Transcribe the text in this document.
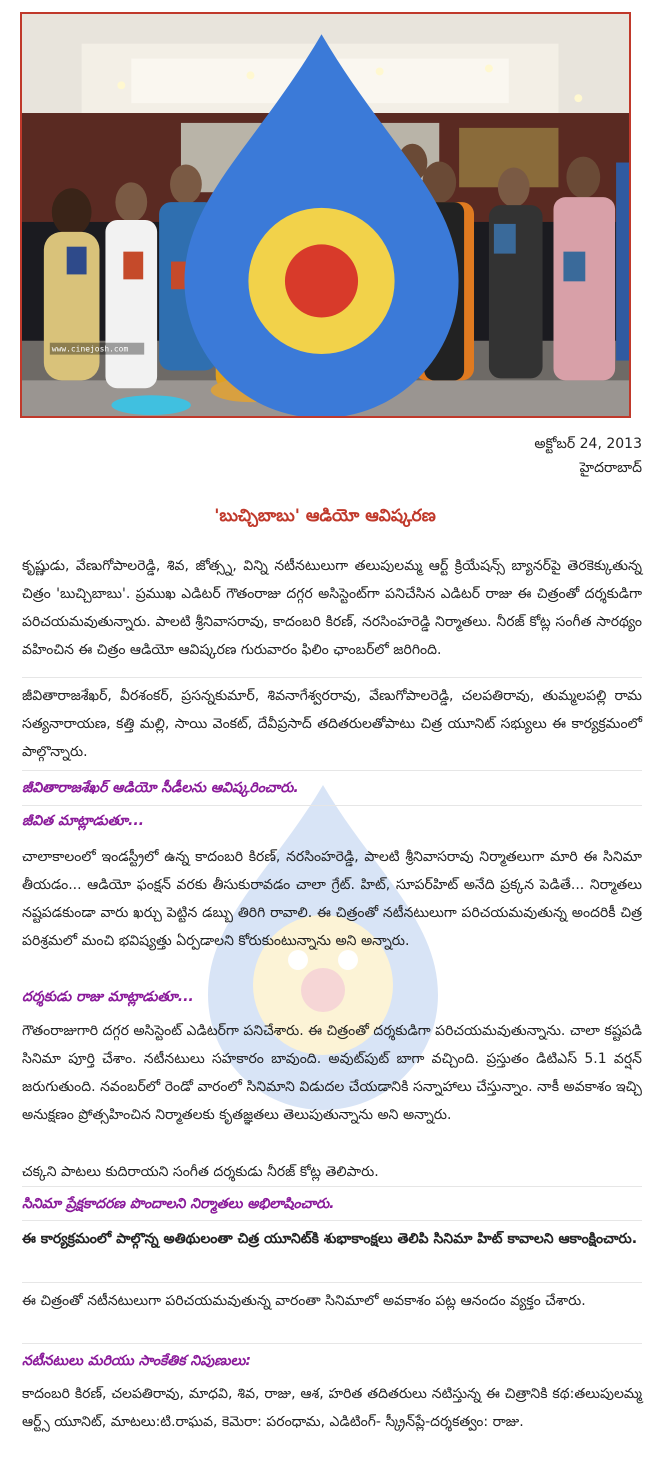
www.cinejosh.com
అక్టోబర్ 24, 2013
హైదరాబాద్
'బుచ్చిబాబు' ఆడియో ఆవిష్కరణ
కృష్ణుడు, వేణుగోపాలరెడ్డి, శివ, జోత్స్న, విన్ని నటీనటులుగా తలుపులమ్మ ఆర్ట్ క్రియేషన్స్ బ్యానర్‌పై తెరకెక్కుతున్న చిత్రం 'బుచ్చిబాబు'. ప్రముఖ ఎడిటర్ గౌతంరాజు దగ్గర అసిస్టెంట్‌గా పనిచేసిన ఎడిటర్ రాజు ఈ చిత్రంతో దర్శకుడిగా పరిచయమవుతున్నారు. పాలటి శ్రీనివాసరావు, కాదంబరి కిరణ్, నరసింహరెడ్డి నిర్మాతలు. నీరజ్ కోట్ల సంగీత సారథ్యం వహించిన ఈ చిత్రం ఆడియో ఆవిష్కరణ గురువారం ఫిలిం ఛాంబర్‌లో జరిగింది.
జీవితారాజశేఖర్, వీరశంకర్, ప్రసన్నకుమార్, శివనాగేశ్వరరావు, వేణుగోపాలరెడ్డి, చలపతిరావు, తుమ్మలపల్లి రామ సత్యనారాయణ, కత్తి మల్లి, సాయి వెంకట్, దేవీప్రసాద్ తదితరులతోపాటు చిత్ర యూనిట్ సభ్యులు ఈ కార్యక్రమంలో పాల్గొన్నారు.
జీవితారాజశేఖర్ ఆడియో సీడీలను ఆవిష్కరించారు.
జీవిత మాట్లాడుతూ...
చాలాకాలంలో ఇండస్ట్రీలో ఉన్న కాదంబరి కిరణ్, నరసింహరెడ్డి, పాలటి శ్రీనివాసరావు నిర్మాతలుగా మారి ఈ సినిమా తీయడం... ఆడియో ఫంక్షన్ వరకు తీసుకురావడం చాలా గ్రేట్. హిట్, సూపర్‌హిట్ అనేది ప్రక్కన పెడితే... నిర్మాతలు నష్టపడకుండా వారు ఖర్చు పెట్టిన డబ్బు తిరిగి రావాలి. ఈ చిత్రంతో నటీనటులుగా పరిచయమవుతున్న అందరికీ చిత్ర పరిశ్రమలో మంచి భవిష్యత్తు ఏర్పడాలని కోరుకుంటున్నాను అని అన్నారు.
దర్శకుడు రాజు మాట్లాడుతూ...
గౌతంరాజుగారి దగ్గర అసిస్టెంట్ ఎడిటర్‌గా పనిచేశారు. ఈ చిత్రంతో దర్శకుడిగా పరిచయమవుతున్నాను. చాలా కష్టపడి సినిమా పూర్తి చేశాం. నటీనటులు సహకారం బావుంది. అవుట్‌పుట్ బాగా వచ్చింది. ప్రస్తుతం డిటిఎస్ 5.1 వర్షన్ జరుగుతుంది. నవంబర్‌లో రెండో వారంలో సినిమాని విడుదల చేయడానికి సన్నాహాలు చేస్తున్నాం. నాకీ అవకాశం ఇచ్చి అనుక్షణం ప్రోత్సహించిన నిర్మాతలకు కృతజ్ఞతలు తెలుపుతున్నాను అని అన్నారు.
చక్కని పాటలు కుదిరాయని సంగీత దర్శకుడు నీరజ్ కోట్ల తెలిపారు.
సినిమా ప్రేక్షకాదరణ పొందాలని నిర్మాతలు అభిలాషించారు.
ఈ కార్యక్రమంలో పాల్గొన్న అతిథులంతా చిత్ర యూనిట్‌కి శుభాకాంక్షలు తెలిపి సినిమా హిట్ కావాలని ఆకాంక్షించారు.
ఈ చిత్రంతో నటీనటులుగా పరిచయమవుతున్న వారంతా సినిమాలో అవకాశం పట్ల ఆనందం వ్యక్తం చేశారు.
నటీనటులు మరియు సాంకేతిక నిపుణులు:
కాదంబరి కిరణ్, చలపతిరావు, మాధవి, శివ, రాజు, ఆశ, హరిత తదితరులు నటిస్తున్న ఈ చిత్రానికి కథ:తలుపులమ్మ ఆర్ట్స్ యూనిట్, మాటలు:టి.రాఘవ, కెమెరా: పరంధామ, ఎడిటింగ్- స్క్రీన్‌ప్లే-దర్శకత్వం: రాజు.
